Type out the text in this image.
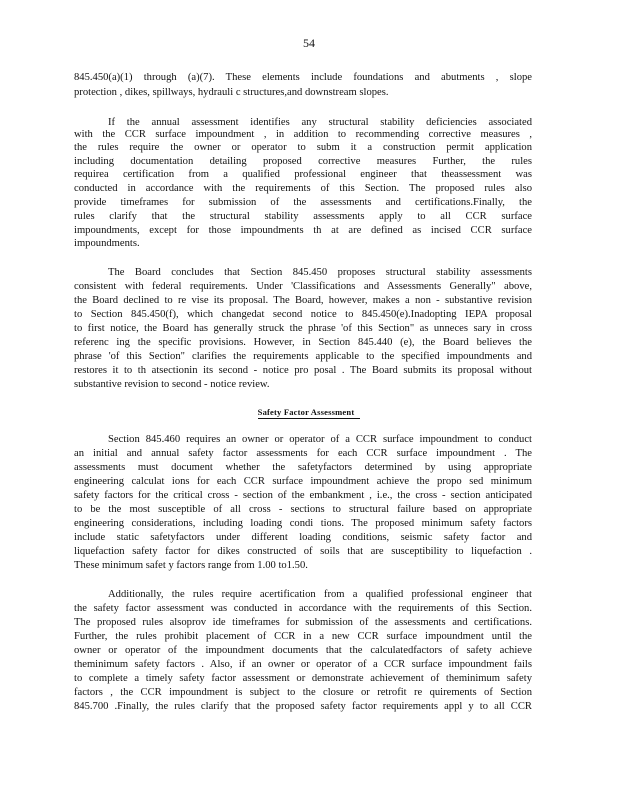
54
845.450(a)(1) through (a)(7). These elements include foundations and abutments , slope
protection , dikes, spillways, hydrauli c structures,and downstream slopes.
If the annual assessment identifies any structural stability deficiencies associated
with the CCR surface impoundment , in addition to recommending corrective measures ,
the rules require the owner or operator to subm it a construction permit application
including documentation detailing proposed corrective measures Further, the rules
requirea certification from a qualified professional engineer that theassessment was
conducted in accordance with the requirements of this Section. The proposed rules also
provide timeframes for submission of the assessments and certifications.Finally, the
rules clarify that the structural stability assessments apply to all CCR surface
impoundments, except for those impoundments th at are defined as incised CCR surface
impoundments.
The Board concludes that Section 845.450 proposes structural stability assessments
consistent with federal requirements. Under 'Classifications and Assessments Generally" above,
the Board declined to re vise its proposal. The Board, however, makes a non - substantive revision
to Section 845.450(f), which changedat second notice to 845.450(e).Inadopting IEPA proposal
to first notice, the Board has generally struck the phrase 'of this Section" as unneces sary in cross
referenc ing the specific provisions. However, in Section 845.440 (e), the Board believes the
phrase 'of this Section" clarifies the requirements applicable to the specified impoundments and
restores it to th atsectionin its second - notice pro posal . The Board submits its proposal without
substantive revision to second - notice review.
Safety Factor Assessment
Section 845.460 requires an owner or operator of a CCR surface impoundment to conduct
an initial and annual safety factor assessments for each CCR surface impoundment . The
assessments must document whether the safetyfactors determined by using appropriate
engineering calculat ions for each CCR surface impoundment achieve the propo sed minimum
safety factors for the critical cross - section of the embankment , i.e., the cross - section anticipated
to be the most susceptible of all cross - sections to structural failure based on appropriate
engineering considerations, including loading condi tions. The proposed minimum safety factors
include static safetyfactors under different loading conditions, seismic safety factor and
liquefaction safety factor for dikes constructed of soils that are susceptibility to liquefaction .
These minimum safet y factors range from 1.00 to1.50.
Additionally, the rules require acertification from a qualified professional engineer that
the safety factor assessment was conducted in accordance with the requirements of this Section.
The proposed rules alsoprov ide timeframes for submission of the assessments and certifications.
Further, the rules prohibit placement of CCR in a new CCR surface impoundment until the
owner or operator of the impoundment documents that the calculatedfactors of safety achieve
theminimum safety factors . Also, if an owner or operator of a CCR surface impoundment fails
to complete a timely safety factor assessment or demonstrate achievement of theminimum safety
factors , the CCR impoundment is subject to the closure or retrofit re quirements of Section
845.700 .Finally, the rules clarify that the proposed safety factor requirements appl y to all CCR
